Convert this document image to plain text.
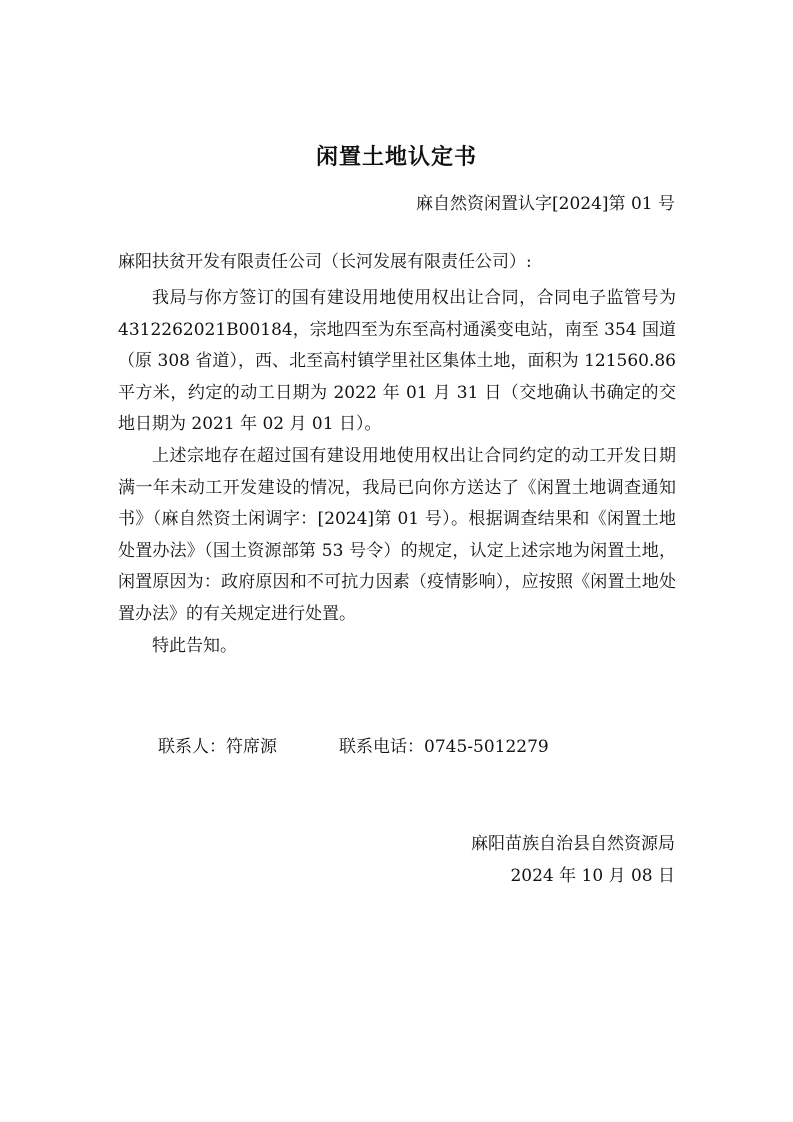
闲置土地认定书
麻自然资闲置认字[2024]第 01 号
麻阳扶贫开发有限责任公司（长河发展有限责任公司）:

我局与你方签订的国有建设用地使用权出让合同，合同电子监管号为 4312262021B00184，宗地四至为东至高村通溪变电站，南至 354 国道（原 308 省道），西、北至高村镇学里社区集体土地，面积为 121560.86 平方米，约定的动工日期为 2022 年 01 月 31 日（交地确认书确定的交地日期为 2021 年 02 月 01 日）。

上述宗地存在超过国有建设用地使用权出让合同约定的动工开发日期满一年未动工开发建设的情况，我局已向你方送达了《闲置土地调查通知书》（麻自然资土闲调字：[2024]第 01 号）。根据调查结果和《闲置土地处置办法》（国土资源部第 53 号令）的规定，认定上述宗地为闲置土地，闲置原因为：政府原因和不可抗力因素（疫情影响），应按照《闲置土地处置办法》的有关规定进行处置。

特此告知。

联系人：符席源	联系电话：0745-5012279
麻阳苗族自治县自然资源局
2024 年 10 月 08 日
